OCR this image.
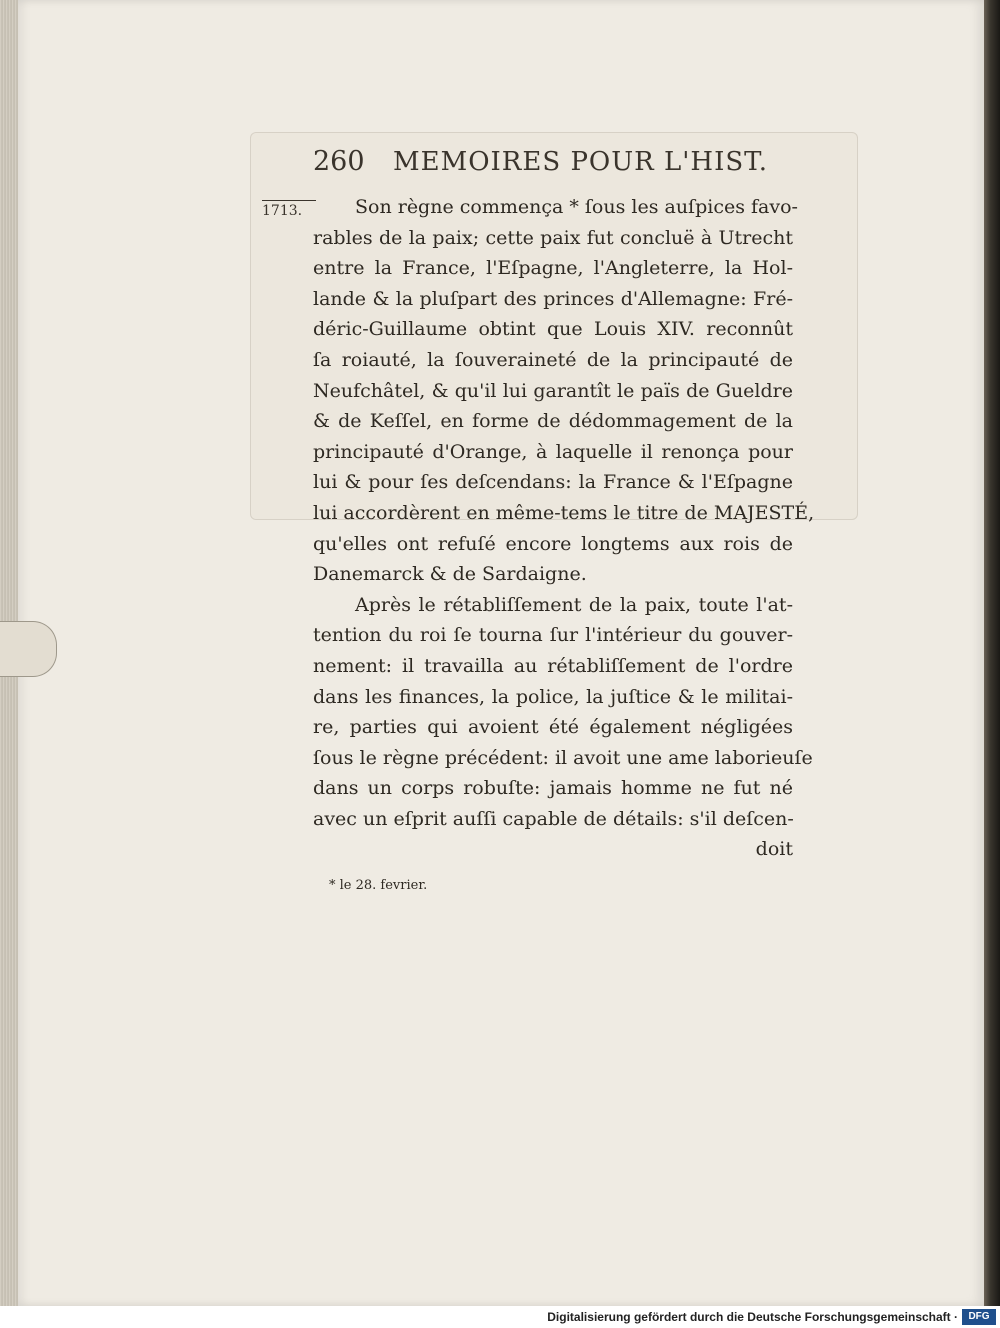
260 MEMOIRES POUR L'HIST.
1713.	Son règne commença * ſous les auſpices favo-
rables de la paix; cette paix fut concluë à Utrecht
entre la France, l'Eſpagne, l'Angleterre, la Hol-
lande & la pluſpart des princes d'Allemagne: Fré-
déric-Guillaume obtint que Louis XIV. reconnût
ſa roiauté, la ſouveraineté de la principauté de
Neufchâtel, & qu'il lui garantît le païs de Gueldre
& de Keſſel, en forme de dédommagement de la
principauté d'Orange, à laquelle il renonça pour
lui & pour ſes deſcendans: la France & l'Eſpagne
lui accordèrent en même-tems le titre de MAJESTÉ,
qu'elles ont refuſé encore longtems aux rois de
Danemarck & de Sardaigne.
Après le rétabliſſement de la paix, toute l'at-
tention du roi ſe tourna ſur l'intérieur du gouver-
nement: il travailla au rétabliſſement de l'ordre
dans les finances, la police, la juſtice & le militai-
re, parties qui avoient été également négligées
ſous le règne précédent: il avoit une ame laborieuſe
dans un corps robuſte: jamais homme ne fut né
avec un eſprit auſſi capable de détails: s'il deſcen-
doit
* le 28. fevrier.
Digitalisierung gefördert durch die Deutsche Forschungsgemeinschaft ·	DFG
